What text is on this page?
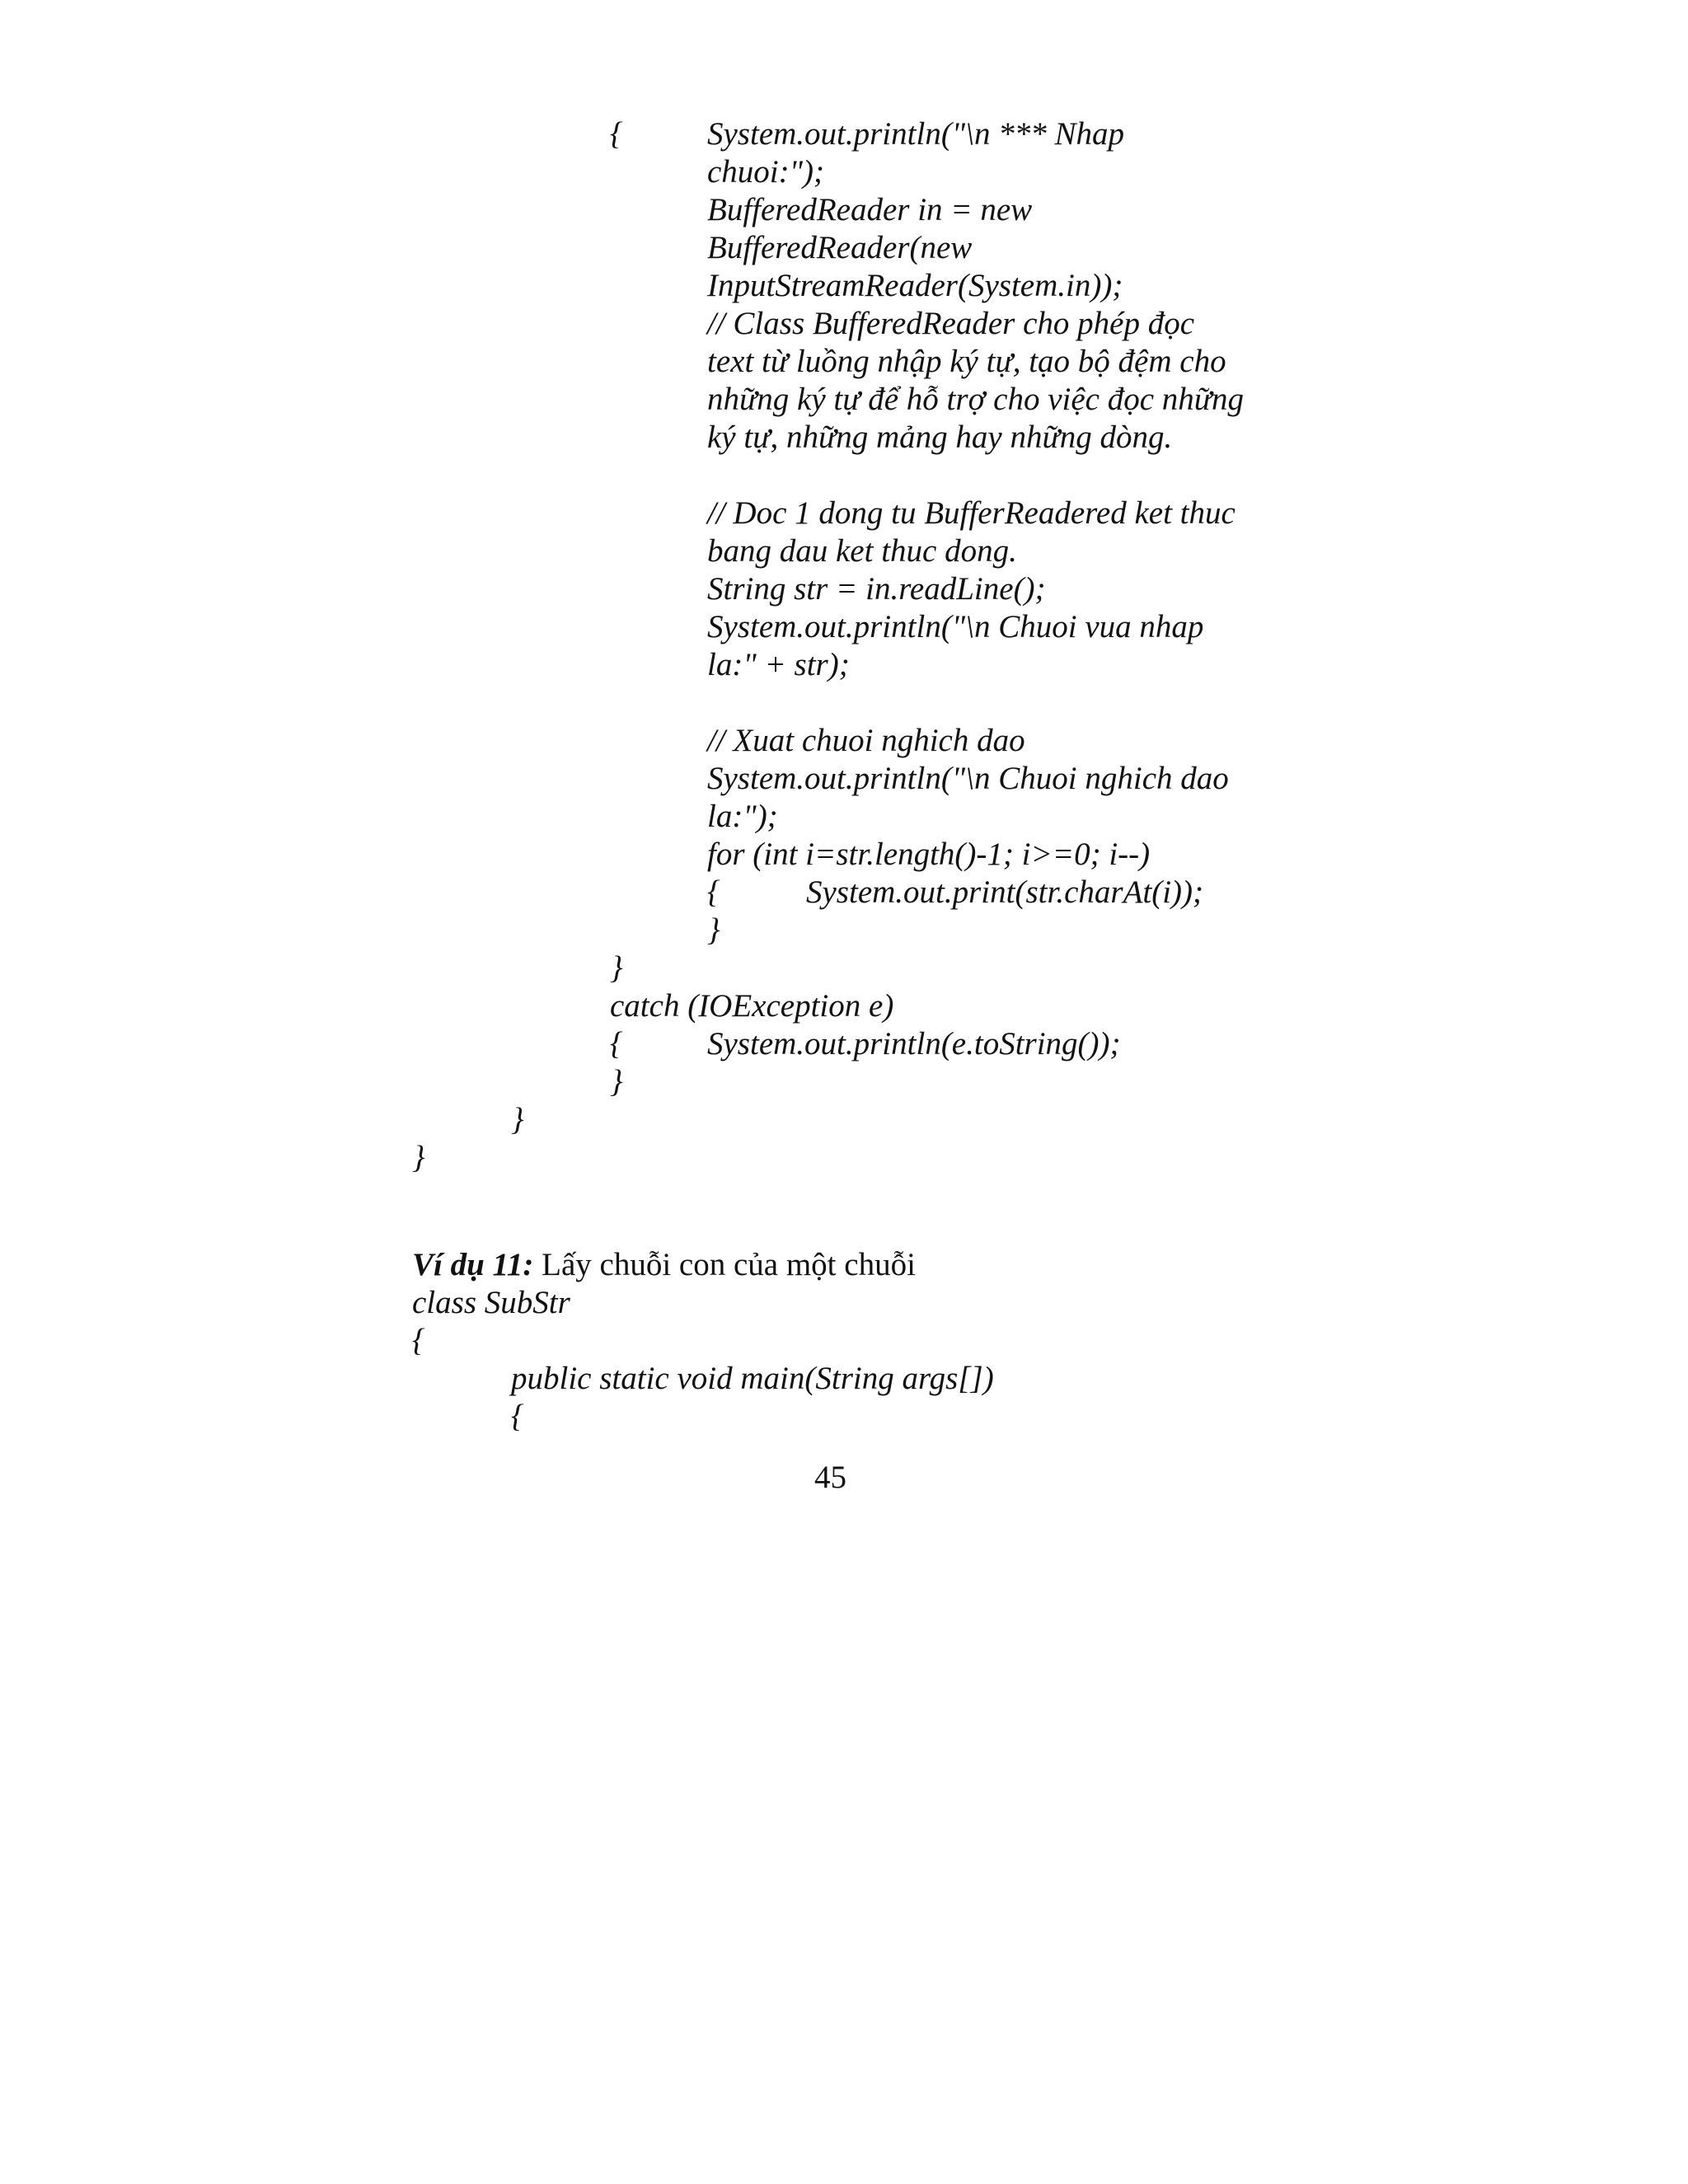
{	System.out.println("\n *** Nhap
chuoi:");
BufferedReader in = new
BufferedReader(new
InputStreamReader(System.in));
// Class BufferedReader cho phép đọc
text từ luồng nhập ký tự, tạo bộ đệm cho
những ký tự để hỗ trợ cho việc đọc những
ký tự, những mảng hay những dòng.
// Doc 1 dong tu BufferReadered ket thuc
bang dau ket thuc dong.
String str = in.readLine();
System.out.println("\n Chuoi vua nhap
la:" + str);
// Xuat chuoi nghich dao
System.out.println("\n Chuoi nghich dao
la:");
for (int i=str.length()-1; i>=0; i--)
{	System.out.print(str.charAt(i));
}
}
catch (IOException e)
{	System.out.println(e.toString());
}
}
}
Ví dụ 11: Lấy chuỗi con của một chuỗi
class SubStr
{
public static void main(String args[])
{
45
